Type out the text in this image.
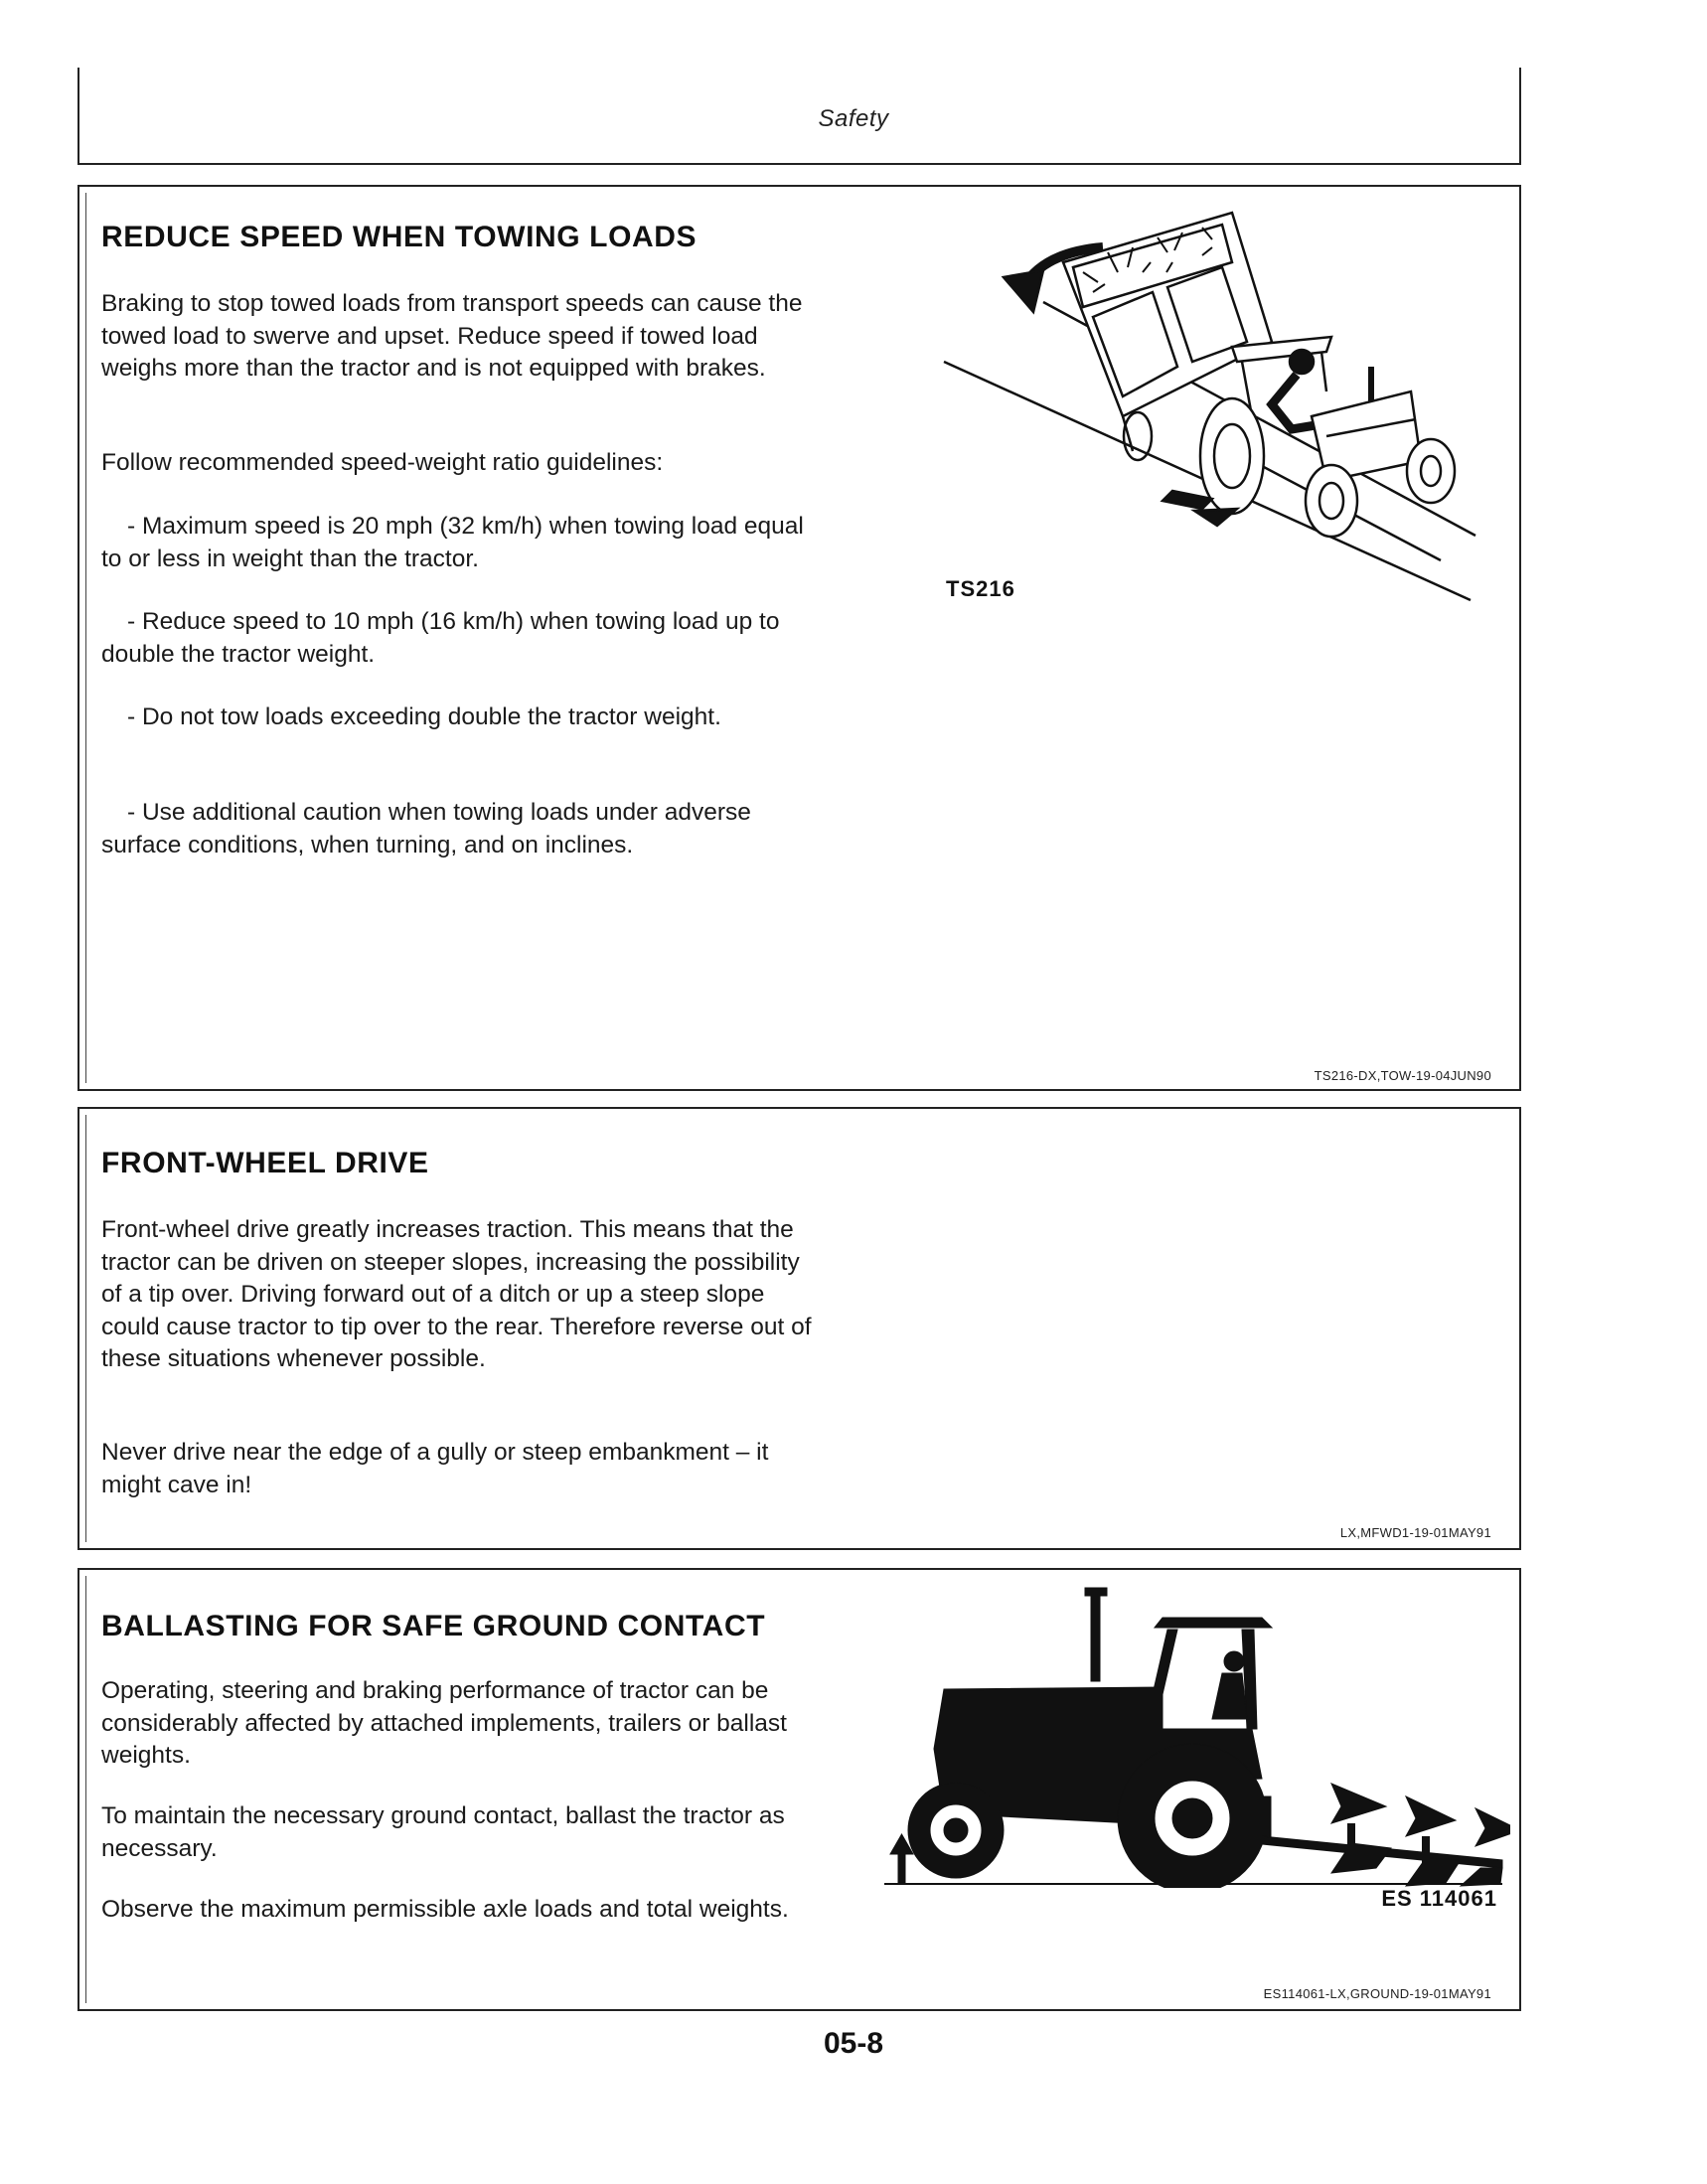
Safety
REDUCE SPEED WHEN TOWING LOADS

Braking to stop towed loads from transport speeds can cause the towed load to swerve and upset. Reduce speed if towed load weighs more than the tractor and is not equipped with brakes.

Follow recommended speed-weight ratio guidelines:

- Maximum speed is 20 mph (32 km/h) when towing load equal to or less in weight than the tractor.

- Reduce speed to 10 mph (16 km/h) when towing load up to double the tractor weight.

- Do not tow loads exceeding double the tractor weight.

- Use additional caution when towing loads under adverse surface conditions, when turning, and on inclines.

TS216
TS216-DX,TOW-19-04JUN90
FRONT-WHEEL DRIVE

Front-wheel drive greatly increases traction. This means that the tractor can be driven on steeper slopes, increasing the possibility of a tip over. Driving forward out of a ditch or up a steep slope could cause tractor to tip over to the rear. Therefore reverse out of these situations whenever possible.

Never drive near the edge of a gully or steep embankment – it might cave in!

LX,MFWD1-19-01MAY91
BALLASTING FOR SAFE GROUND CONTACT

Operating, steering and braking performance of tractor can be considerably affected by attached implements, trailers or ballast weights.

To maintain the necessary ground contact, ballast the tractor as necessary.

Observe the maximum permissible axle loads and total weights.	ES 114061
ES114061-LX,GROUND-19-01MAY91
05-8
